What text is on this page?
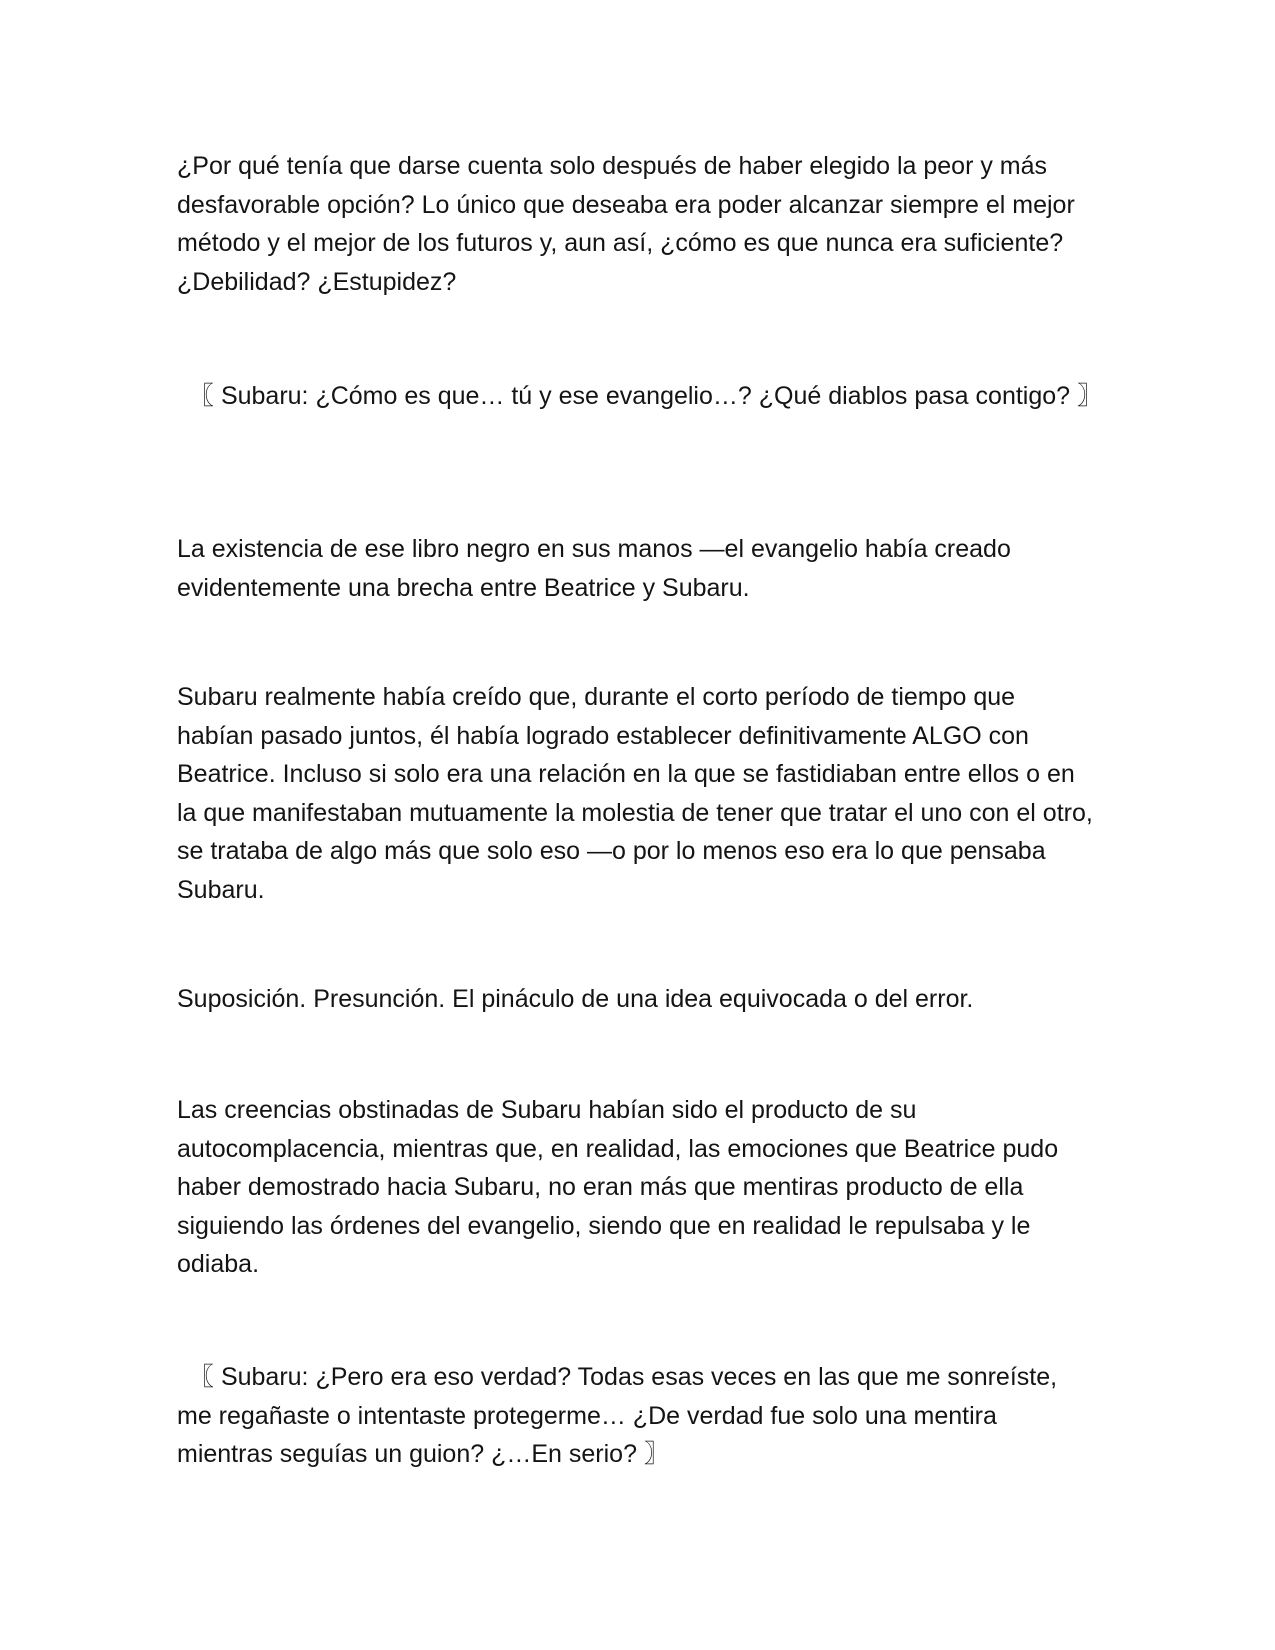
¿Por qué tenía que darse cuenta solo después de haber elegido la peor y más desfavorable opción? Lo único que deseaba era poder alcanzar siempre el mejor método y el mejor de los futuros y, aun así, ¿cómo es que nunca era suficiente? ¿Debilidad? ¿Estupidez?

〖 Subaru: ¿Cómo es que… tú y ese evangelio…? ¿Qué diablos pasa contigo? 〗

La existencia de ese libro negro en sus manos —el evangelio había creado evidentemente una brecha entre Beatrice y Subaru.

Subaru realmente había creído que, durante el corto período de tiempo que habían pasado juntos, él había logrado establecer definitivamente ALGO con Beatrice. Incluso si solo era una relación en la que se fastidiaban entre ellos o en la que manifestaban mutuamente la molestia de tener que tratar el uno con el otro, se trataba de algo más que solo eso —o por lo menos eso era lo que pensaba Subaru.

Suposición. Presunción. El pináculo de una idea equivocada o del error.

Las creencias obstinadas de Subaru habían sido el producto de su autocomplacencia, mientras que, en realidad, las emociones que Beatrice pudo haber demostrado hacia Subaru, no eran más que mentiras producto de ella siguiendo las órdenes del evangelio, siendo que en realidad le repulsaba y le odiaba.

〖 Subaru: ¿Pero era eso verdad? Todas esas veces en las que me sonreíste, me regañaste o intentaste protegerme… ¿De verdad fue solo una mentira mientras seguías un guion? ¿…En serio? 〗
